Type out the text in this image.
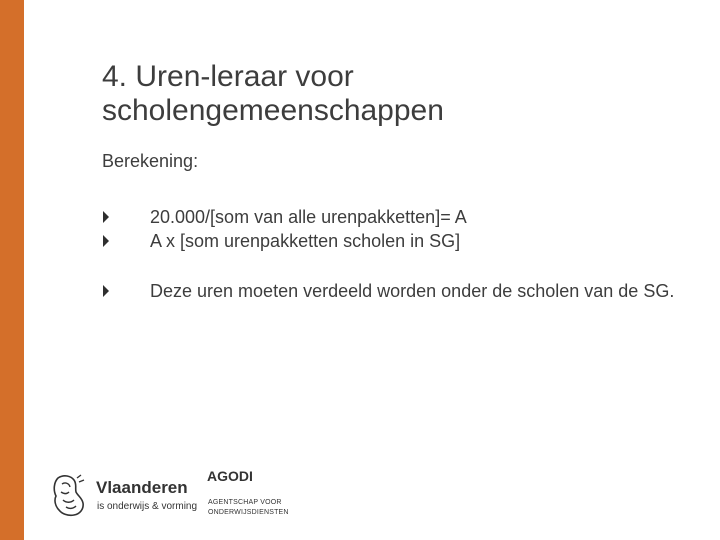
4. Uren-leraar voor
scholengemeenschappen
Berekening:
20.000/[som van alle urenpakketten]= A
A x [som urenpakketten scholen in SG]
Deze uren moeten verdeeld worden onder de scholen van de SG.
Vlaanderen
is onderwijs & vorming
AGODI
AGENTSCHAP VOOR
ONDERWIJSDIENSTEN
